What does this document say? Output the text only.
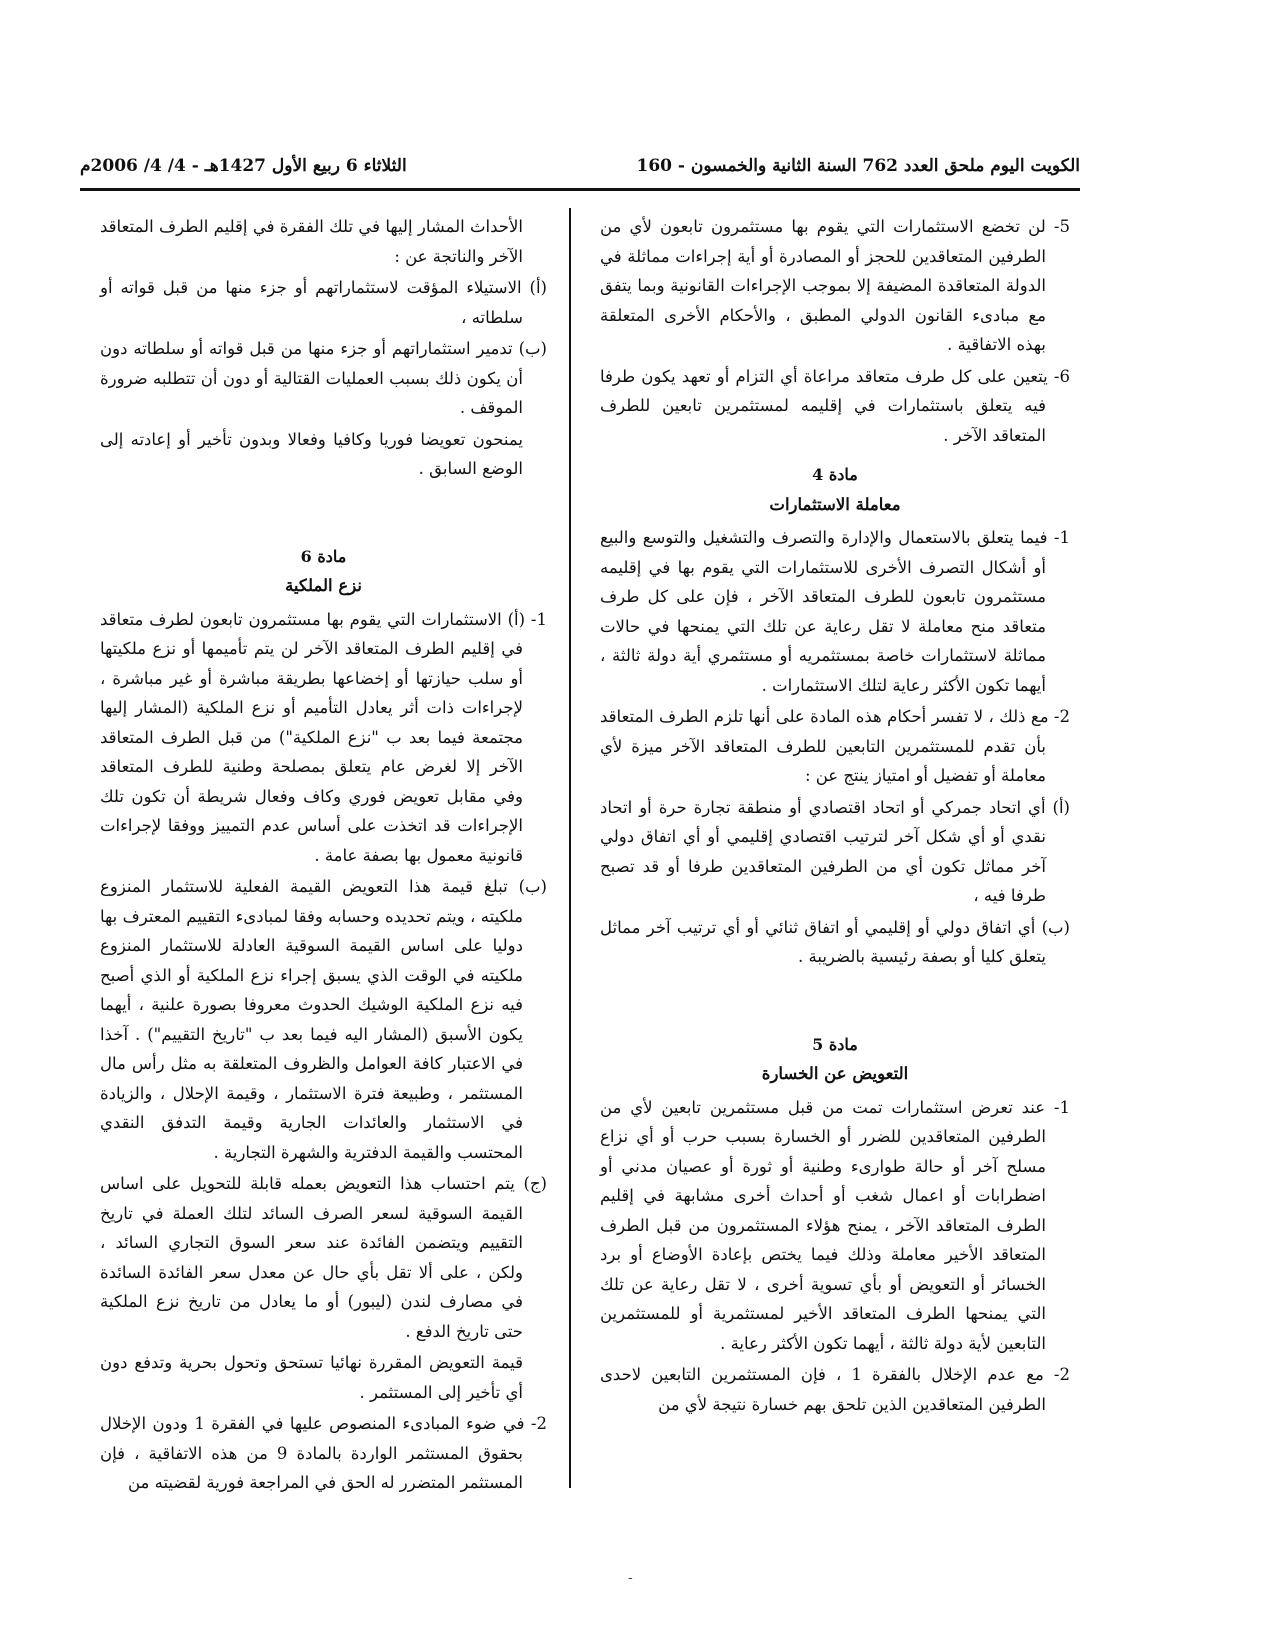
الكويت اليوم ملحق العدد 762 السنة الثانية والخمسون - 160
الثلاثاء 6 ربيع الأول 1427هـ - 4/ 4/ 2006م

5- لن تخضع الاستثمارات التي يقوم بها مستثمرون تابعون لأي من الطرفين المتعاقدين للحجز أو المصادرة أو أية إجراءات مماثلة في الدولة المتعاقدة المضيفة إلا بموجب الإجراءات القانونية وبما يتفق مع مبادىء القانون الدولي المطبق ، والأحكام الأخرى المتعلقة بهذه الاتفاقية .

6- يتعين على كل طرف متعاقد مراعاة أي التزام أو تعهد يكون طرفا فيه يتعلق باستثمارات في إقليمه لمستثمرين تابعين للطرف المتعاقد الآخر .

مادة 4
معاملة الاستثمارات

1- فيما يتعلق بالاستعمال والإدارة والتصرف والتشغيل والتوسع والبيع أو أشكال التصرف الأخرى للاستثمارات التي يقوم بها في إقليمه مستثمرون تابعون للطرف المتعاقد الآخر ، فإن على كل طرف متعاقد منح معاملة لا تقل رعاية عن تلك التي يمنحها في حالات مماثلة لاستثمارات خاصة بمستثمريه أو مستثمري أية دولة ثالثة ، أيهما تكون الأكثر رعاية لتلك الاستثمارات .

2- مع ذلك ، لا تفسر أحكام هذه المادة على أنها تلزم الطرف المتعاقد بأن تقدم للمستثمرين التابعين للطرف المتعاقد الآخر ميزة لأي معاملة أو تفضيل أو امتياز ينتج عن :

(أ) أي اتحاد جمركي أو اتحاد اقتصادي أو منطقة تجارة حرة أو اتحاد نقدي أو أي شكل آخر لترتيب اقتصادي إقليمي أو أي اتفاق دولي آخر مماثل تكون أي من الطرفين المتعاقدين طرفا أو قد تصبح طرفا فيه ،

(ب) أي اتفاق دولي أو إقليمي أو اتفاق ثنائي أو أي ترتيب آخر مماثل يتعلق كليا أو بصفة رئيسية بالضريبة .

مادة 5
التعويض عن الخسارة

1- عند تعرض استثمارات تمت من قبل مستثمرين تابعين لأي من الطرفين المتعاقدين للضرر أو الخسارة بسبب حرب أو أي نزاع مسلح آخر أو حالة طوارىء وطنية أو ثورة أو عصيان مدني أو اضطرابات أو اعمال شغب أو أحداث أخرى مشابهة في إقليم الطرف المتعاقد الآخر ، يمنح هؤلاء المستثمرون من قبل الطرف المتعاقد الأخير معاملة وذلك فيما يختص بإعادة الأوضاع أو برد الخسائر أو التعويض أو بأي تسوية أخرى ، لا تقل رعاية عن تلك التي يمنحها الطرف المتعاقد الأخير لمستثمرية أو للمستثمرين التابعين لأية دولة ثالثة ، أيهما تكون الأكثر رعاية .

2- مع عدم الإخلال بالفقرة 1 ، فإن المستثمرين التابعين لاحدى الطرفين المتعاقدين الذين تلحق بهم خسارة نتيجة لأي من

الأحداث المشار إليها في تلك الفقرة في إقليم الطرف المتعاقد الآخر والناتجة عن :

(أ) الاستيلاء المؤقت لاستثماراتهم أو جزء منها من قبل قواته أو سلطاته ،

(ب) تدمير استثماراتهم أو جزء منها من قبل قواته أو سلطاته دون أن يكون ذلك بسبب العمليات القتالية أو دون أن تتطلبه ضرورة الموقف .

يمنحون تعويضا فوريا وكافيا وفعالا وبدون تأخير أو إعادته إلى الوضع السابق .

مادة 6
نزع الملكية

1- (أ) الاستثمارات التي يقوم بها مستثمرون تابعون لطرف متعاقد في إقليم الطرف المتعاقد الآخر لن يتم تأميمها أو نزع ملكيتها أو سلب حيازتها أو إخضاعها بطريقة مباشرة أو غير مباشرة ، لإجراءات ذات أثر يعادل التأميم أو نزع الملكية (المشار إليها مجتمعة فيما بعد ب "نزع الملكية") من قبل الطرف المتعاقد الآخر إلا لغرض عام يتعلق بمصلحة وطنية للطرف المتعاقد وفي مقابل تعويض فوري وكاف وفعال شريطة أن تكون تلك الإجراءات قد اتخذت على أساس عدم التمييز ووفقا لإجراءات قانونية معمول بها بصفة عامة .

(ب) تبلغ قيمة هذا التعويض القيمة الفعلية للاستثمار المنزوع ملكيته ، ويتم تحديده وحسابه وفقا لمبادىء التقييم المعترف بها دوليا على اساس القيمة السوقية العادلة للاستثمار المنزوع ملكيته في الوقت الذي يسبق إجراء نزع الملكية أو الذي أصبح فيه نزع الملكية الوشيك الحدوث معروفا بصورة علنية ، أيهما يكون الأسبق (المشار اليه فيما بعد ب "تاريخ التقييم") . آخذا في الاعتبار كافة العوامل والظروف المتعلقة به مثل رأس مال المستثمر ، وطبيعة فترة الاستثمار ، وقيمة الإحلال ، والزيادة في الاستثمار والعائدات الجارية وقيمة التدفق النقدي المحتسب والقيمة الدفترية والشهرة التجارية .

(ج) يتم احتساب هذا التعويض بعمله قابلة للتحويل على اساس القيمة السوقية لسعر الصرف السائد لتلك العملة في تاريخ التقييم ويتضمن الفائدة عند سعر السوق التجاري السائد ، ولكن ، على ألا تقل بأي حال عن معدل سعر الفائدة السائدة في مصارف لندن (ليبور) أو ما يعادل من تاريخ نزع الملكية حتى تاريخ الدفع .

قيمة التعويض المقررة نهائيا تستحق وتحول بحرية وتدفع دون أي تأخير إلى المستثمر .

2- في ضوء المبادىء المنصوص عليها في الفقرة 1 ودون الإخلال بحقوق المستثمر الواردة بالمادة 9 من هذه الاتفاقية ، فإن المستثمر المتضرر له الحق في المراجعة فورية لقضيته من

-
